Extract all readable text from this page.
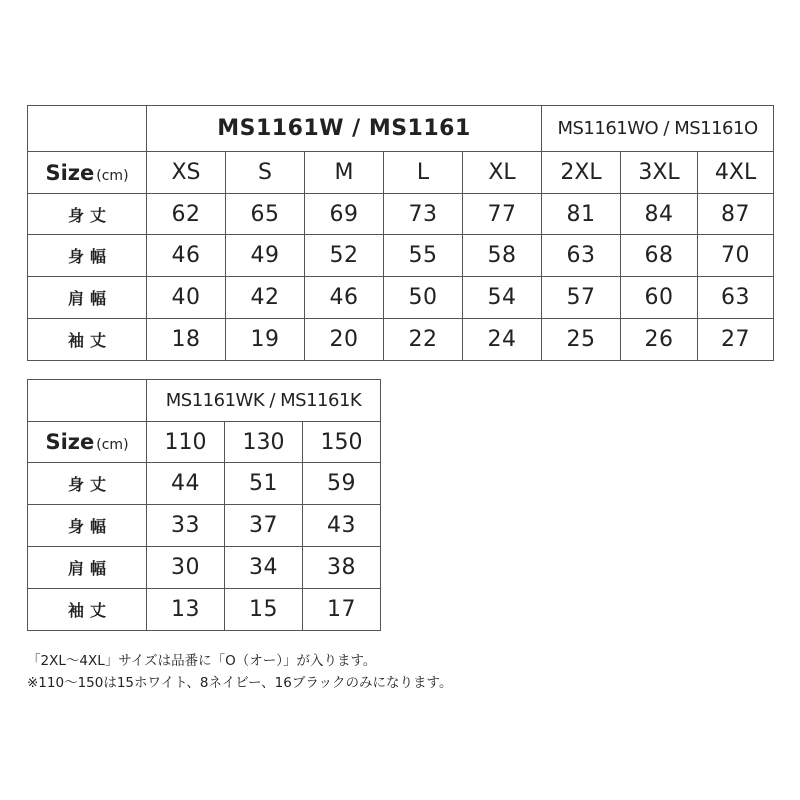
	MS1161W / MS1161					MS1161WO / MS1161O		
Size (cm)	XS	S	M	L	XL	2XL	3XL	4XL
身丈	62	65	69	73	77	81	84	87
身幅	46	49	52	55	58	63	68	70
肩幅	40	42	46	50	54	57	60	63
袖丈	18	19	20	22	24	25	26	27
	MS1161WK / MS1161K		
Size (cm)	110	130	150
身丈	44	51	59
身幅	33	37	43
肩幅	30	34	38
袖丈	13	15	17
「2XL〜4XL」サイズは品番に「O（オー）」が入ります。
※110〜150は15ホワイト、8ネイビー、16ブラックのみになります。
